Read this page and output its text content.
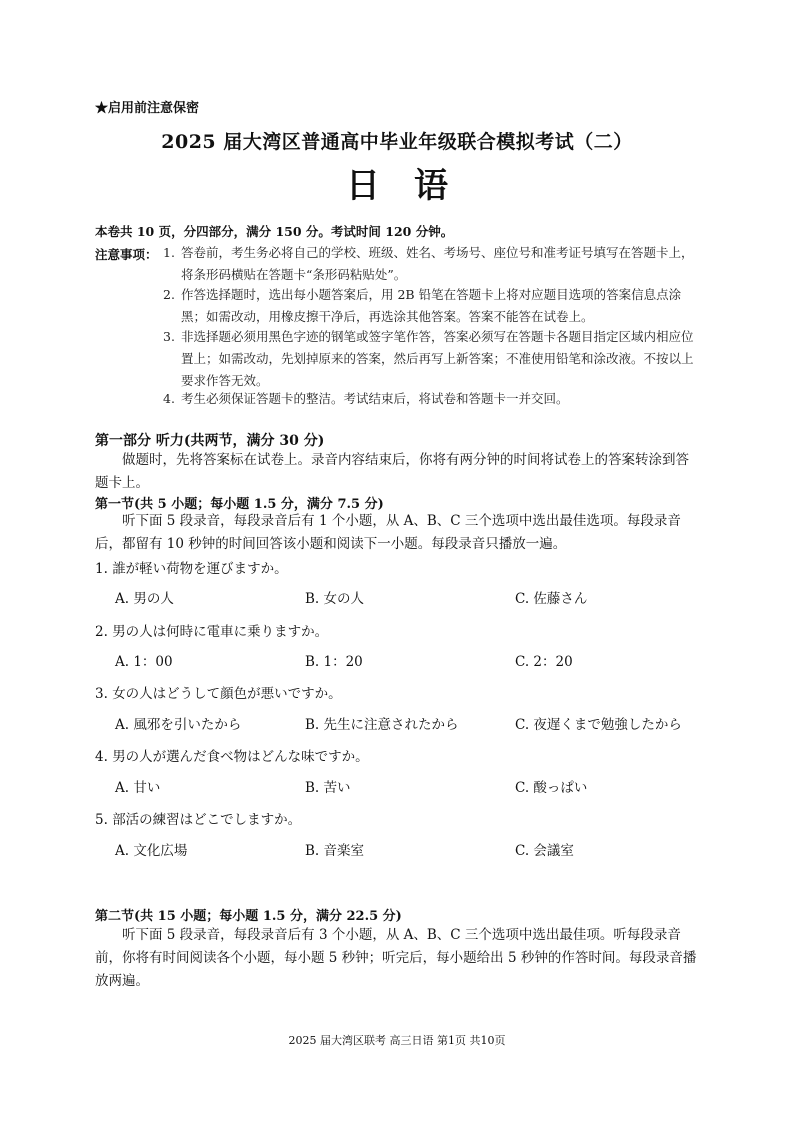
★启用前注意保密
2025 届大湾区普通高中毕业年级联合模拟考试（二）
日语
本卷共 10 页，分四部分，满分 150 分。考试时间 120 分钟。
注意事项： 1. 答卷前，考生务必将自己的学校、班级、姓名、考场号、座位号和准考证号填写在答题卡上，将条形码横贴在答题卡“条形码粘贴处”。
2. 作答选择题时，选出每小题答案后，用 2B 铅笔在答题卡上将对应题目选项的答案信息点涂黑；如需改动，用橡皮擦干净后，再选涂其他答案。答案不能答在试卷上。
3. 非选择题必须用黑色字迹的钢笔或签字笔作答，答案必须写在答题卡各题目指定区域内相应位置上；如需改动，先划掉原来的答案，然后再写上新答案；不准使用铅笔和涂改液。不按以上要求作答无效。
4. 考生必须保证答题卡的整洁。考试结束后，将试卷和答题卡一并交回。
第一部分 听力(共两节，满分 30 分)
做题时，先将答案标在试卷上。录音内容结束后，你将有两分钟的时间将试卷上的答案转涂到答题卡上。
第一节(共 5 小题；每小题 1.5 分，满分 7.5 分)
听下面 5 段录音，每段录音后有 1 个小题，从 A、B、C 三个选项中选出最佳选项。每段录音后，都留有 10 秒钟的时间回答该小题和阅读下一小题。每段录音只播放一遍。
1. 誰が軽い荷物を運びますか。
A. 男の人	B. 女の人	C. 佐藤さん
2. 男の人は何時に電車に乗りますか。
A. 1：00	B. 1：20	C. 2：20
3. 女の人はどうして顔色が悪いですか。
A. 風邪を引いたから	B. 先生に注意されたから	C. 夜遅くまで勉強したから
4. 男の人が選んだ食べ物はどんな味ですか。
A. 甘い	B. 苦い	C. 酸っぱい
5. 部活の練習はどこでしますか。
A. 文化広場	B. 音楽室	C. 会議室
第二节(共 15 小题；每小题 1.5 分，满分 22.5 分)
听下面 5 段录音，每段录音后有 3 个小题，从 A、B、C 三个选项中选出最佳项。听每段录音前，你将有时间阅读各个小题，每小题 5 秒钟；听完后，每小题给出 5 秒钟的作答时间。每段录音播放两遍。
2025 届大湾区联考 高三日语 第1页 共10页
